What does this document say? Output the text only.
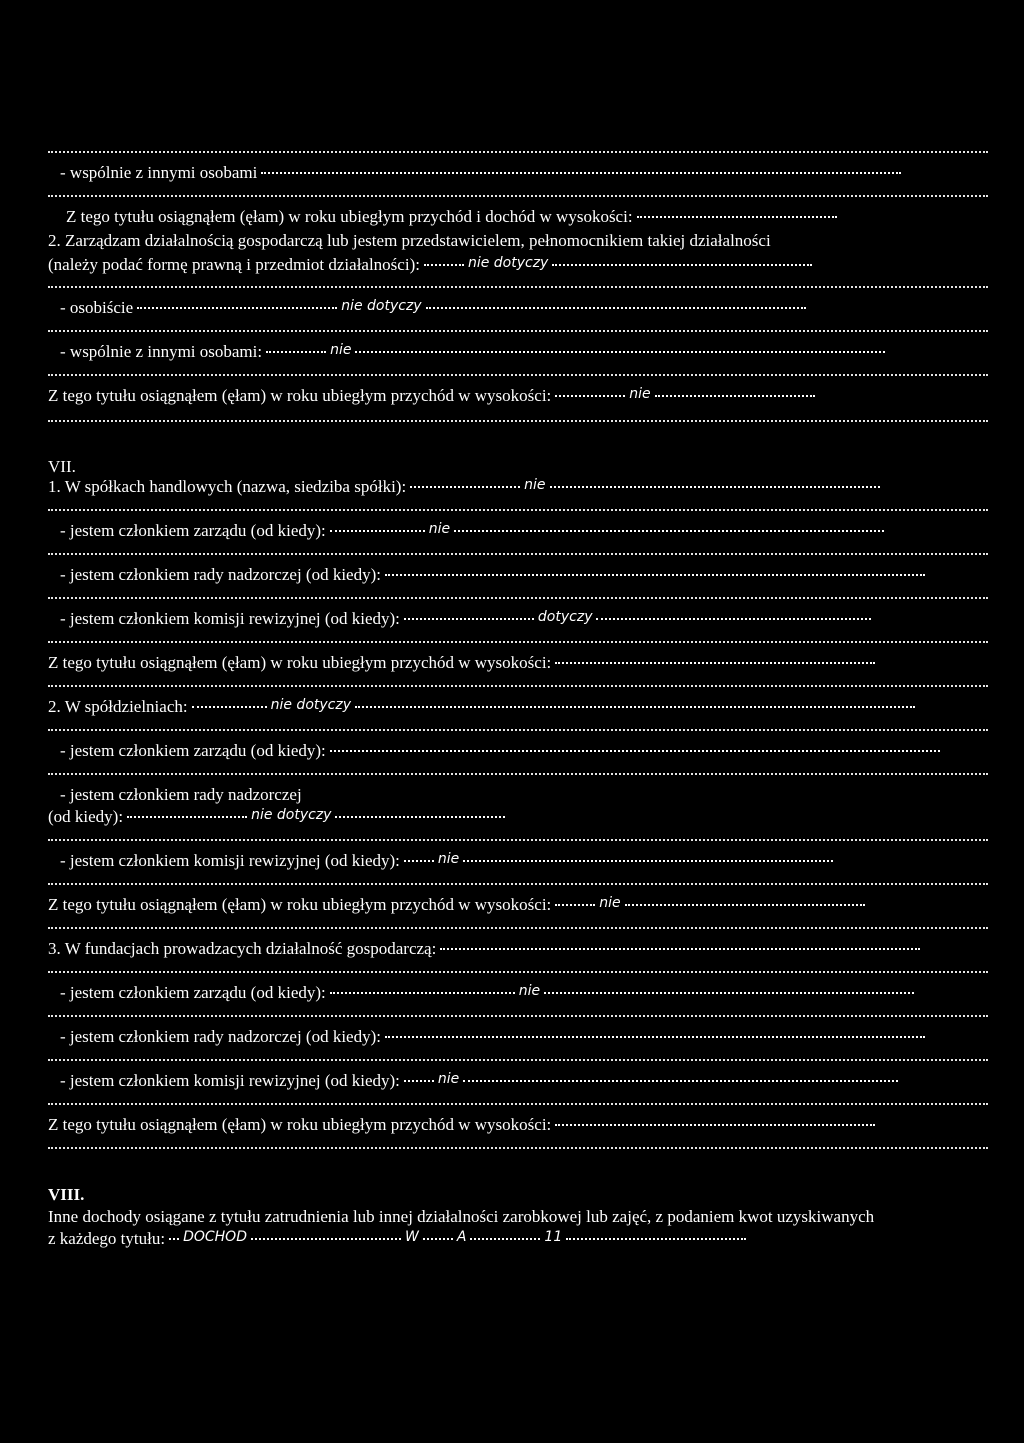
- wspólnie z innymi osobami
Z tego tytułu osiągnąłem (ęłam) w roku ubiegłym przychód i dochód w wysokości:
2. Zarządzam działalnością gospodarczą lub jestem przedstawicielem, pełnomocnikiem takiej działalności
(należy podać formę prawną i przedmiot działalności):	nie dotyczy
- osobiście	nie dotyczy
- wspólnie z innymi osobami:	nie
Z tego tytułu osiągnąłem (ęłam) w roku ubiegłym przychód w wysokości:	nie
VII.
1. W spółkach handlowych (nazwa, siedziba spółki):	nie
- jestem członkiem zarządu (od kiedy):	nie
- jestem członkiem rady nadzorczej (od kiedy):
- jestem członkiem komisji rewizyjnej (od kiedy):	dotyczy
Z tego tytułu osiągnąłem (ęłam) w roku ubiegłym przychód w wysokości:
2. W spółdzielniach:	nie dotyczy
- jestem członkiem zarządu (od kiedy):
- jestem członkiem rady nadzorczej
(od kiedy):	nie dotyczy
- jestem członkiem komisji rewizyjnej (od kiedy):	nie
Z tego tytułu osiągnąłem (ęłam) w roku ubiegłym przychód w wysokości:	nie
3. W fundacjach prowadzacych działalność gospodarczą:
- jestem członkiem zarządu (od kiedy):	nie
- jestem członkiem rady nadzorczej (od kiedy):
- jestem członkiem komisji rewizyjnej (od kiedy):	nie
Z tego tytułu osiągnąłem (ęłam) w roku ubiegłym przychód w wysokości:
VIII.
Inne dochody osiągane z tytułu zatrudnienia lub innej działalności zarobkowej lub zajęć, z podaniem kwot uzyskiwanych
z każdego tytułu: DOCHOD	W	A	11
